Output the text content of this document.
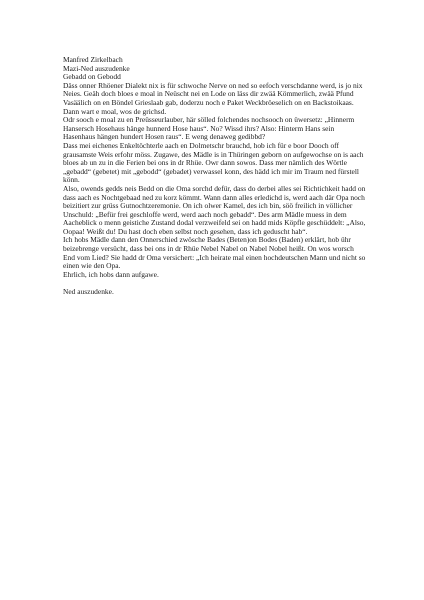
Manfred Zirkelbach

Mazi-Ned auszudenke

Gebadd on Gebodd

Däss onner Rhöener Dialekt nix is für schwoche Nerve on ned so eefoch verschdanne werd, is jo nix Neies. Geäh doch bloes e moal in Neüscht nei en Lode on läss dir zwää Kömmerlich, zwää Pfund Vasäälich on en Böndel Grieslaab gab, doderzu noch e Paket Weckbröeselich on en Backstoikaas. Dann wart e moal, wos de grichsd.

Odr sooch e moal zu en Preüsseurlauber, här sölled folchendes nochsooch on üwersetz: „Hinnerm Hansersch Hosehaus hänge hunnerd Hose haus“. No? Wissd ihrs? Also: Hinterm Hans sein Hasenhaus hängen hundert Hosen raus“. E weng denaweg gedibbd?

Dass mei eichenes Enkeltöchterle aach en Dolmetschr brauchd, hob ich für e boor Dooch off grausamste Weis erfohr möss. Zugawe, des Mädle is in Thüringen geborn on aufgewochse on is aach bloes ab un zu in die Ferien bei ons in dr Rhüe. Owr dann sowos. Dass mer nämlich des Wörtle „gebadd“ (gebetet) mit „gebodd“ (gebadet) verwassel konn, des hädd ich mir im Traum ned fürstell könn.

Also, owends gedds neis Bedd on die Oma sorchd defür, dass do derbei alles sei Richtichkeit hadd on dass aach es Nochtgebaad ned zu korz kömmt. Wann dann alles erledichd is, werd aach där Opa noch beizitiert zur grüss Gutnochtzeremonie. On ich olwer Kamel, des ich bin, söö freilich in völlicher Unschuld: „Befür frei geschloffe werd, werd aach noch gebadd“. Des arm Mädle muess in dem Aacheblick o menn geistiche Zustand dodal verzweifeld sei on hadd mids Köpfle geschüddelt: „Also, Oopaa! Weißt du! Du hast doch eben selbst noch gesehen, dass ich geduscht hab“.

Ich hobs Mädle dann den Onnerschied zwösche Bades (Beten)on Bodes (Baden) erklärt, hob ühr beizebrenge versücht, dass bei ons in dr Rhüe Nebel Nabel on Nabel Nobel heißt. On wos worsch End vom Lied? Sie hadd dr Oma versichert: „Ich heirate mal einen hochdeutschen Mann und nicht so einen wie den Opa.

Ehrlich, ich hobs dann aufgawe.

Ned auszudenke.
